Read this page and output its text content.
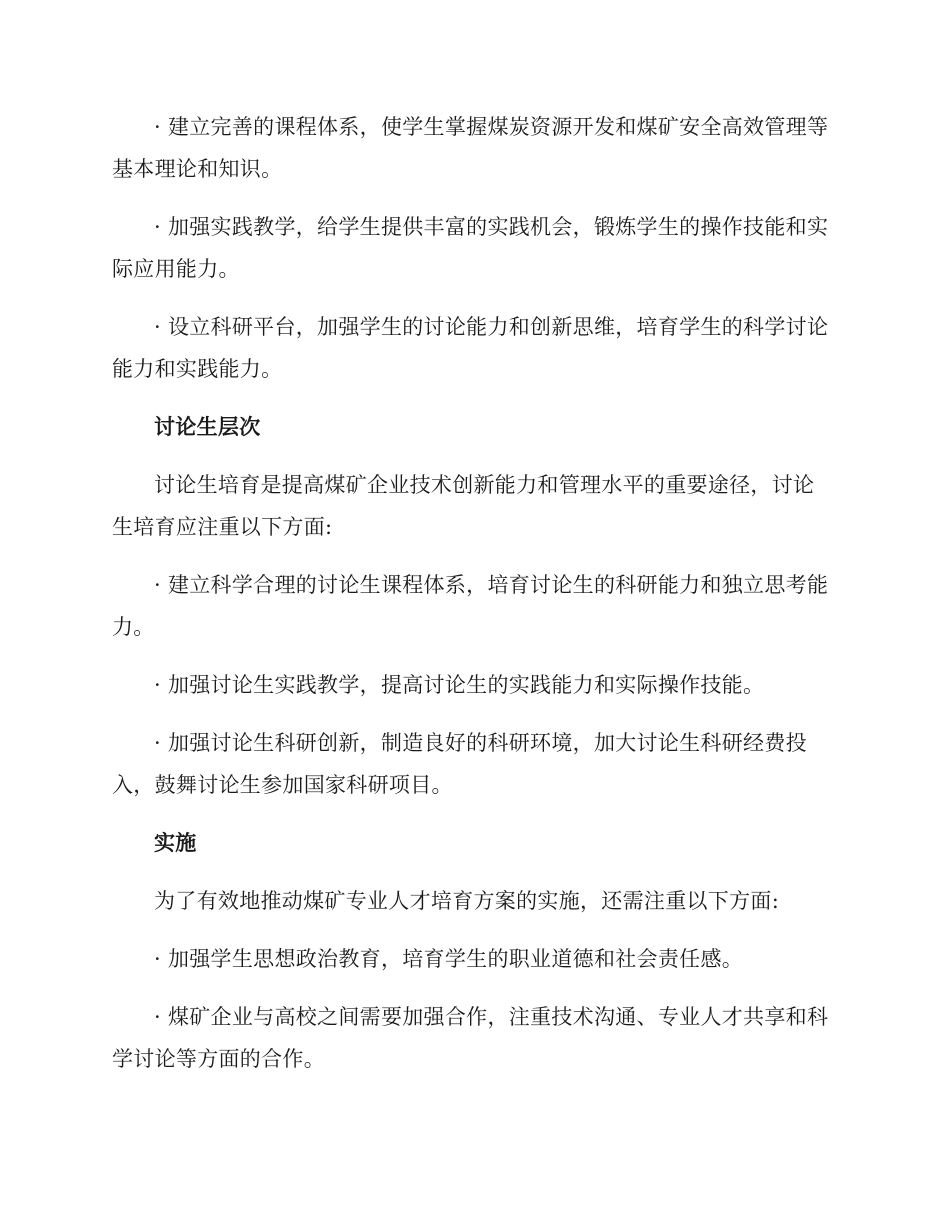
· 建立完善的课程体系，使学生掌握煤炭资源开发和煤矿安全高效管理等基本理论和知识。

· 加强实践教学，给学生提供丰富的实践机会，锻炼学生的操作技能和实际应用能力。

· 设立科研平台，加强学生的讨论能力和创新思维，培育学生的科学讨论能力和实践能力。

讨论生层次

讨论生培育是提高煤矿企业技术创新能力和管理水平的重要途径，讨论生培育应注重以下方面:

· 建立科学合理的讨论生课程体系，培育讨论生的科研能力和独立思考能力。

· 加强讨论生实践教学，提高讨论生的实践能力和实际操作技能。

· 加强讨论生科研创新，制造良好的科研环境，加大讨论生科研经费投入，鼓舞讨论生参加国家科研项目。

实施

为了有效地推动煤矿专业人才培育方案的实施，还需注重以下方面:

· 加强学生思想政治教育，培育学生的职业道德和社会责任感。

· 煤矿企业与高校之间需要加强合作，注重技术沟通、专业人才共享和科学讨论等方面的合作。
